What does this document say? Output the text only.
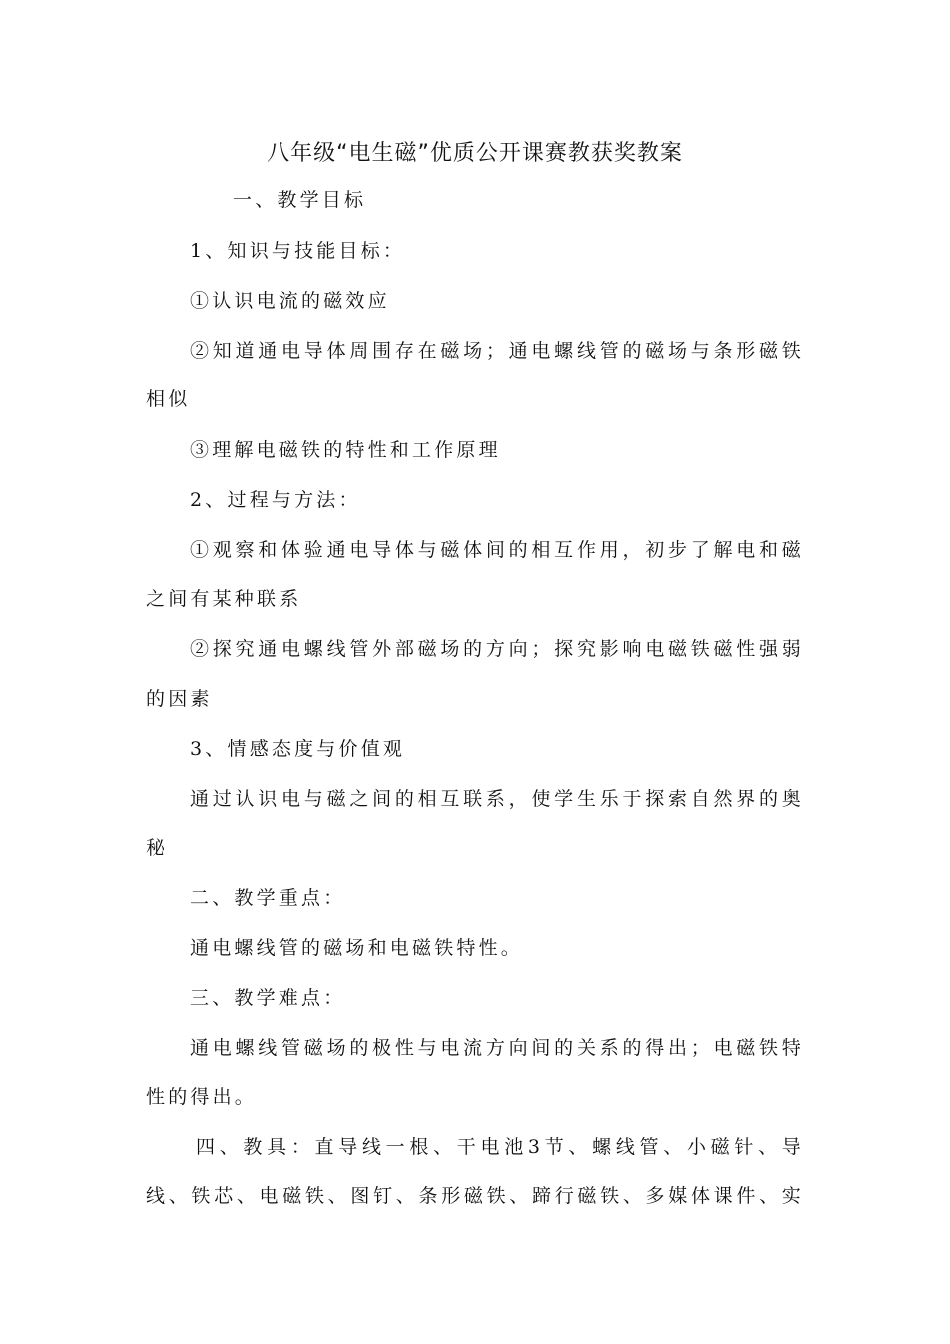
八年级“电生磁”优质公开课赛教获奖教案
一、教学目标
1、知识与技能目标：
①认识电流的磁效应
②知道通电导体周围存在磁场；通电螺线管的磁场与条形磁铁
相似
③理解电磁铁的特性和工作原理
2、过程与方法：
①观察和体验通电导体与磁体间的相互作用，初步了解电和磁
之间有某种联系
②探究通电螺线管外部磁场的方向；探究影响电磁铁磁性强弱
的因素
3、情感态度与价值观
通过认识电与磁之间的相互联系，使学生乐于探索自然界的奥
秘
二、教学重点：
通电螺线管的磁场和电磁铁特性。
三、教学难点：
通电螺线管磁场的极性与电流方向间的关系的得出；电磁铁特
性的得出。
四、教具：直导线一根、干电池3节、螺线管、小磁针、导
线、铁芯、电磁铁、图钉、条形磁铁、蹄行磁铁、多媒体课件、实
